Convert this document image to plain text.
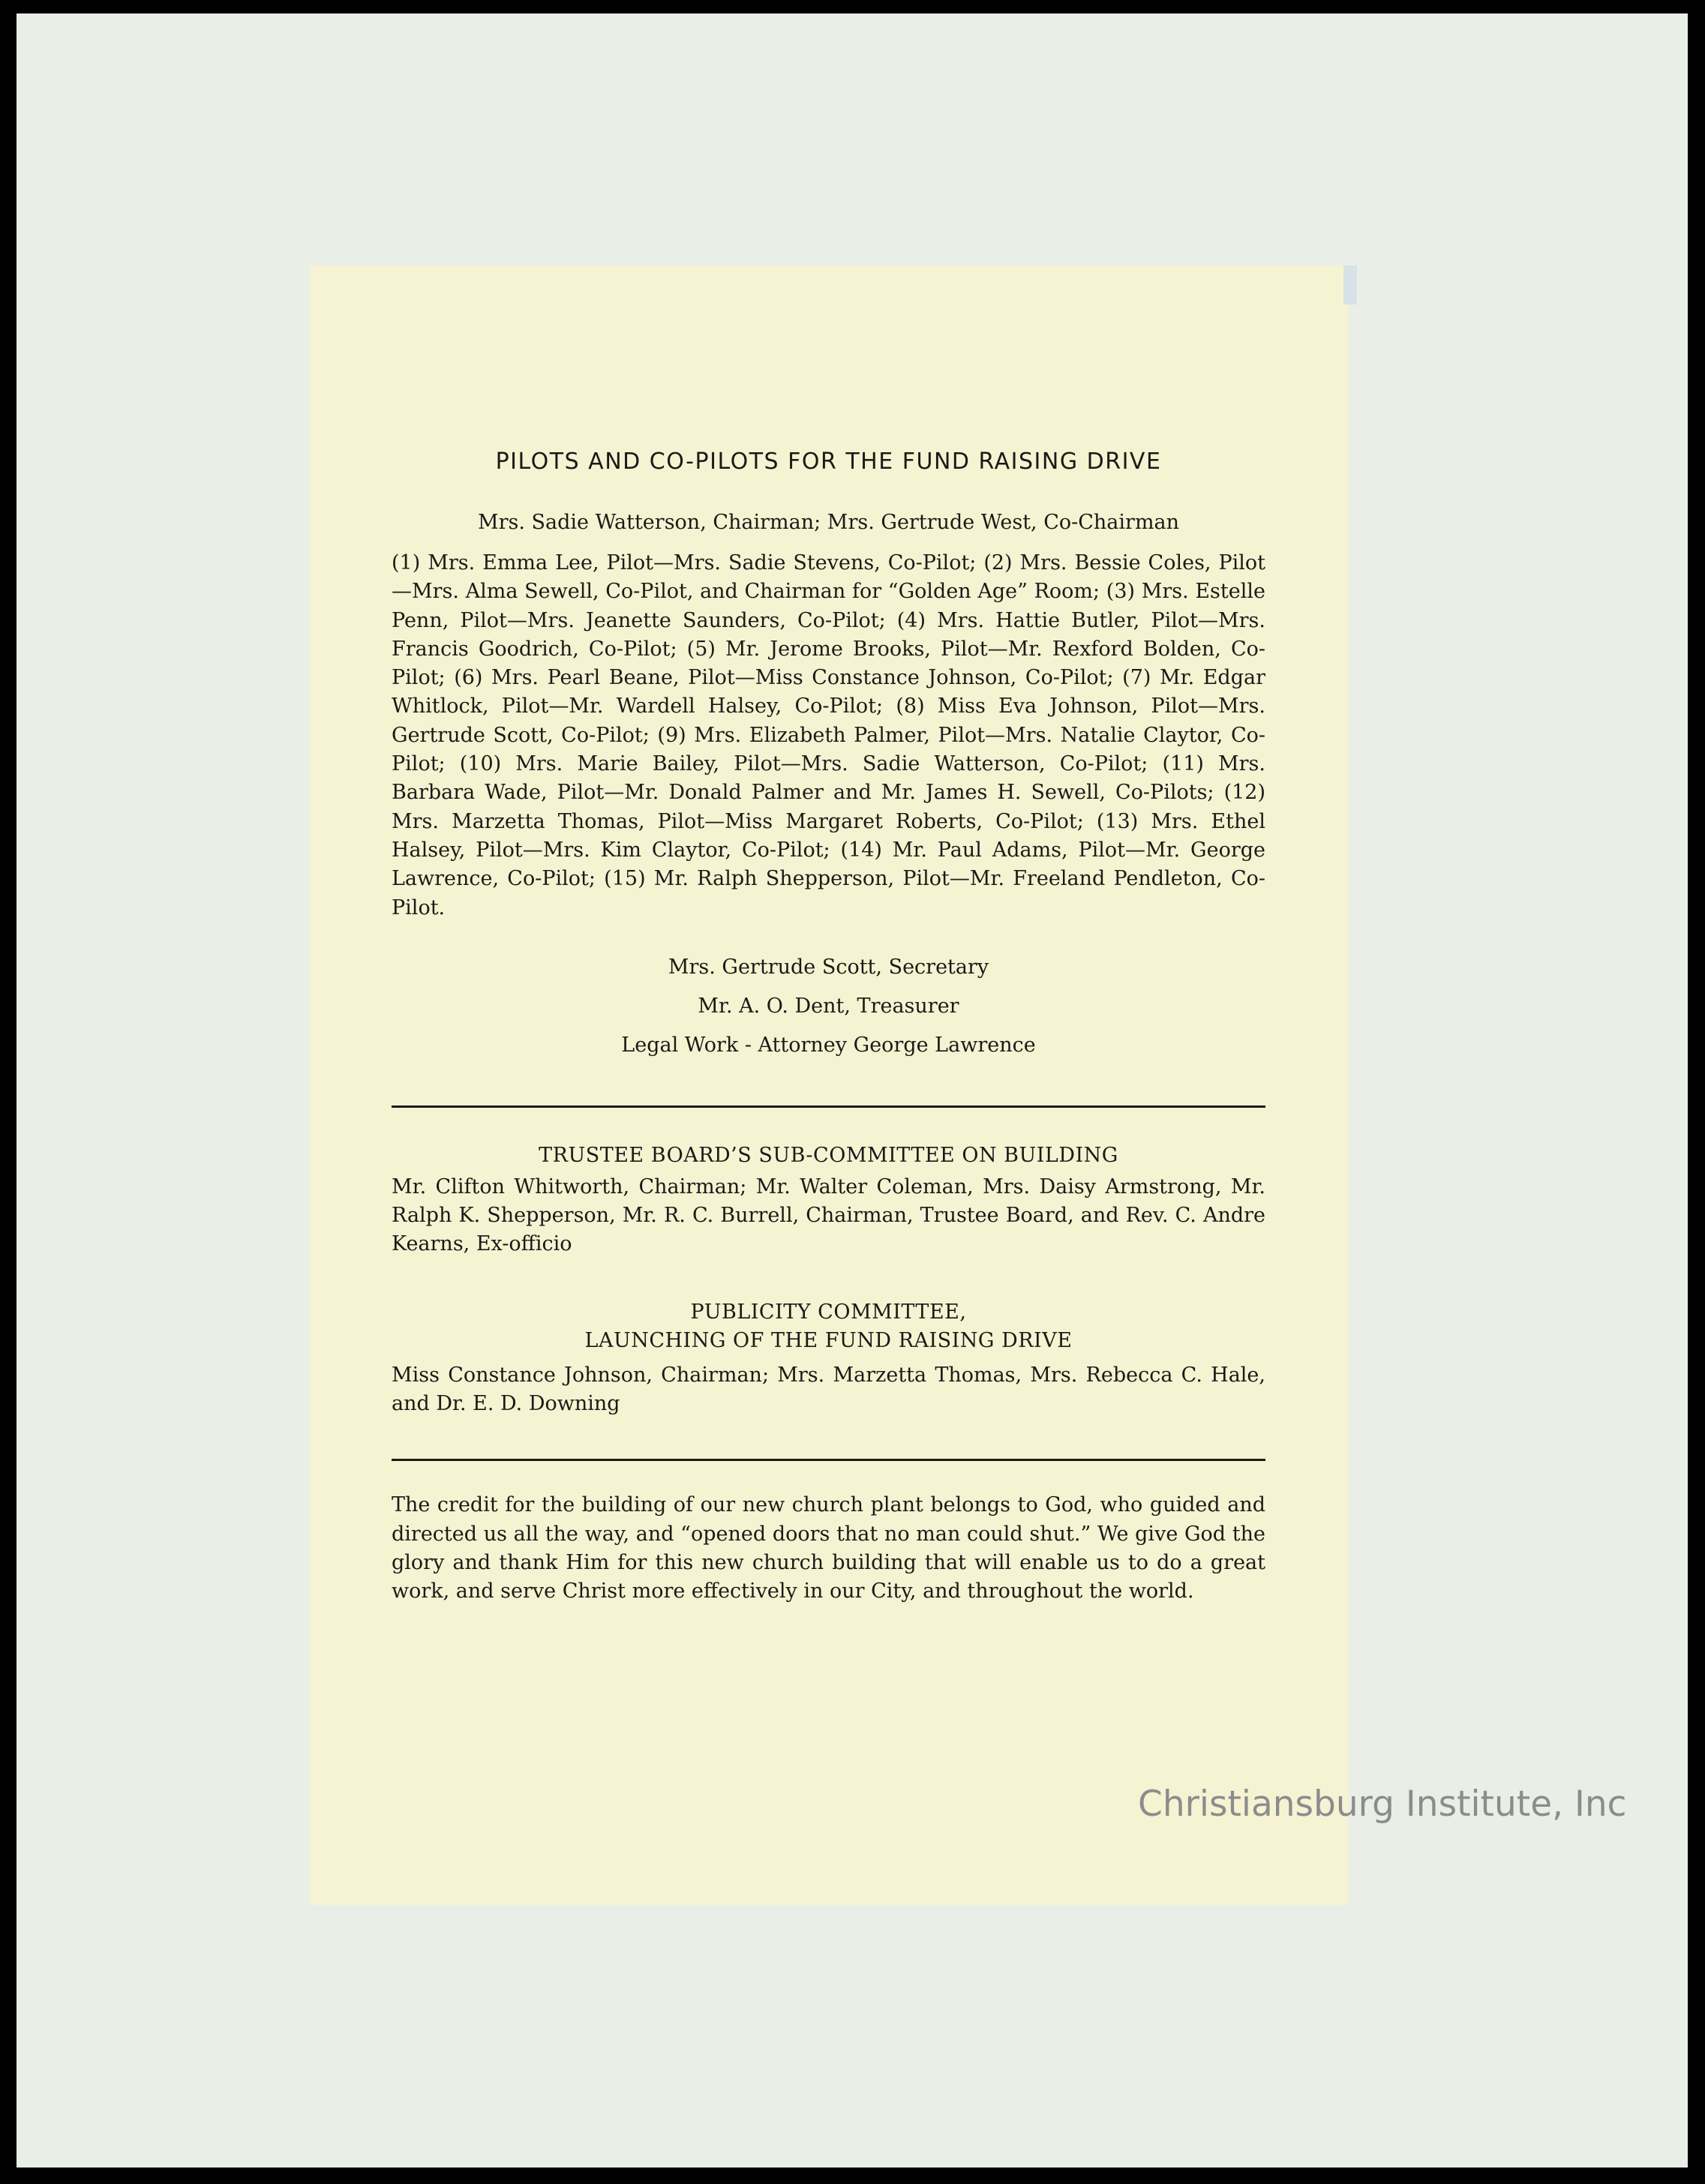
PILOTS AND CO-PILOTS FOR THE FUND RAISING DRIVE

Mrs. Sadie Watterson, Chairman; Mrs. Gertrude West, Co-Chairman

(1) Mrs. Emma Lee, Pilot—Mrs. Sadie Stevens, Co-Pilot; (2) Mrs. Bessie Coles, Pilot—Mrs. Alma Sewell, Co-Pilot, and Chairman for “Golden Age” Room; (3) Mrs. Estelle Penn, Pilot—Mrs. Jeanette Saunders, Co-Pilot; (4) Mrs. Hattie Butler, Pilot—Mrs. Francis Goodrich, Co-Pilot; (5) Mr. Jerome Brooks, Pilot—Mr. Rexford Bolden, Co-Pilot; (6) Mrs. Pearl Beane, Pilot—Miss Constance Johnson, Co-Pilot; (7) Mr. Edgar Whitlock, Pilot—Mr. Wardell Halsey, Co-Pilot; (8) Miss Eva Johnson, Pilot—Mrs. Gertrude Scott, Co-Pilot; (9) Mrs. Elizabeth Palmer, Pilot—Mrs. Natalie Claytor, Co-Pilot; (10) Mrs. Marie Bailey, Pilot—Mrs. Sadie Watterson, Co-Pilot; (11) Mrs. Barbara Wade, Pilot—Mr. Donald Palmer and Mr. James H. Sewell, Co-Pilots; (12) Mrs. Marzetta Thomas, Pilot—Miss Margaret Roberts, Co-Pilot; (13) Mrs. Ethel Halsey, Pilot—Mrs. Kim Claytor, Co-Pilot; (14) Mr. Paul Adams, Pilot—Mr. George Lawrence, Co-Pilot; (15) Mr. Ralph Shepperson, Pilot—Mr. Freeland Pendleton, Co-Pilot.

Mrs. Gertrude Scott, Secretary
Mr. A. O. Dent, Treasurer
Legal Work - Attorney George Lawrence
TRUSTEE BOARD’S SUB-COMMITTEE ON BUILDING

Mr. Clifton Whitworth, Chairman; Mr. Walter Coleman, Mrs. Daisy Armstrong, Mr. Ralph K. Shepperson, Mr. R. C. Burrell, Chairman, Trustee Board, and Rev. C. Andre Kearns, Ex-officio

PUBLICITY COMMITTEE,
LAUNCHING OF THE FUND RAISING DRIVE

Miss Constance Johnson, Chairman; Mrs. Marzetta Thomas, Mrs. Rebecca C. Hale, and Dr. E. D. Downing

The credit for the building of our new church plant belongs to God, who guided and directed us all the way, and “opened doors that no man could shut.” We give God the glory and thank Him for this new church building that will enable us to do a great work, and serve Christ more effectively in our City, and throughout the world.

Christiansburg Institute, Inc
